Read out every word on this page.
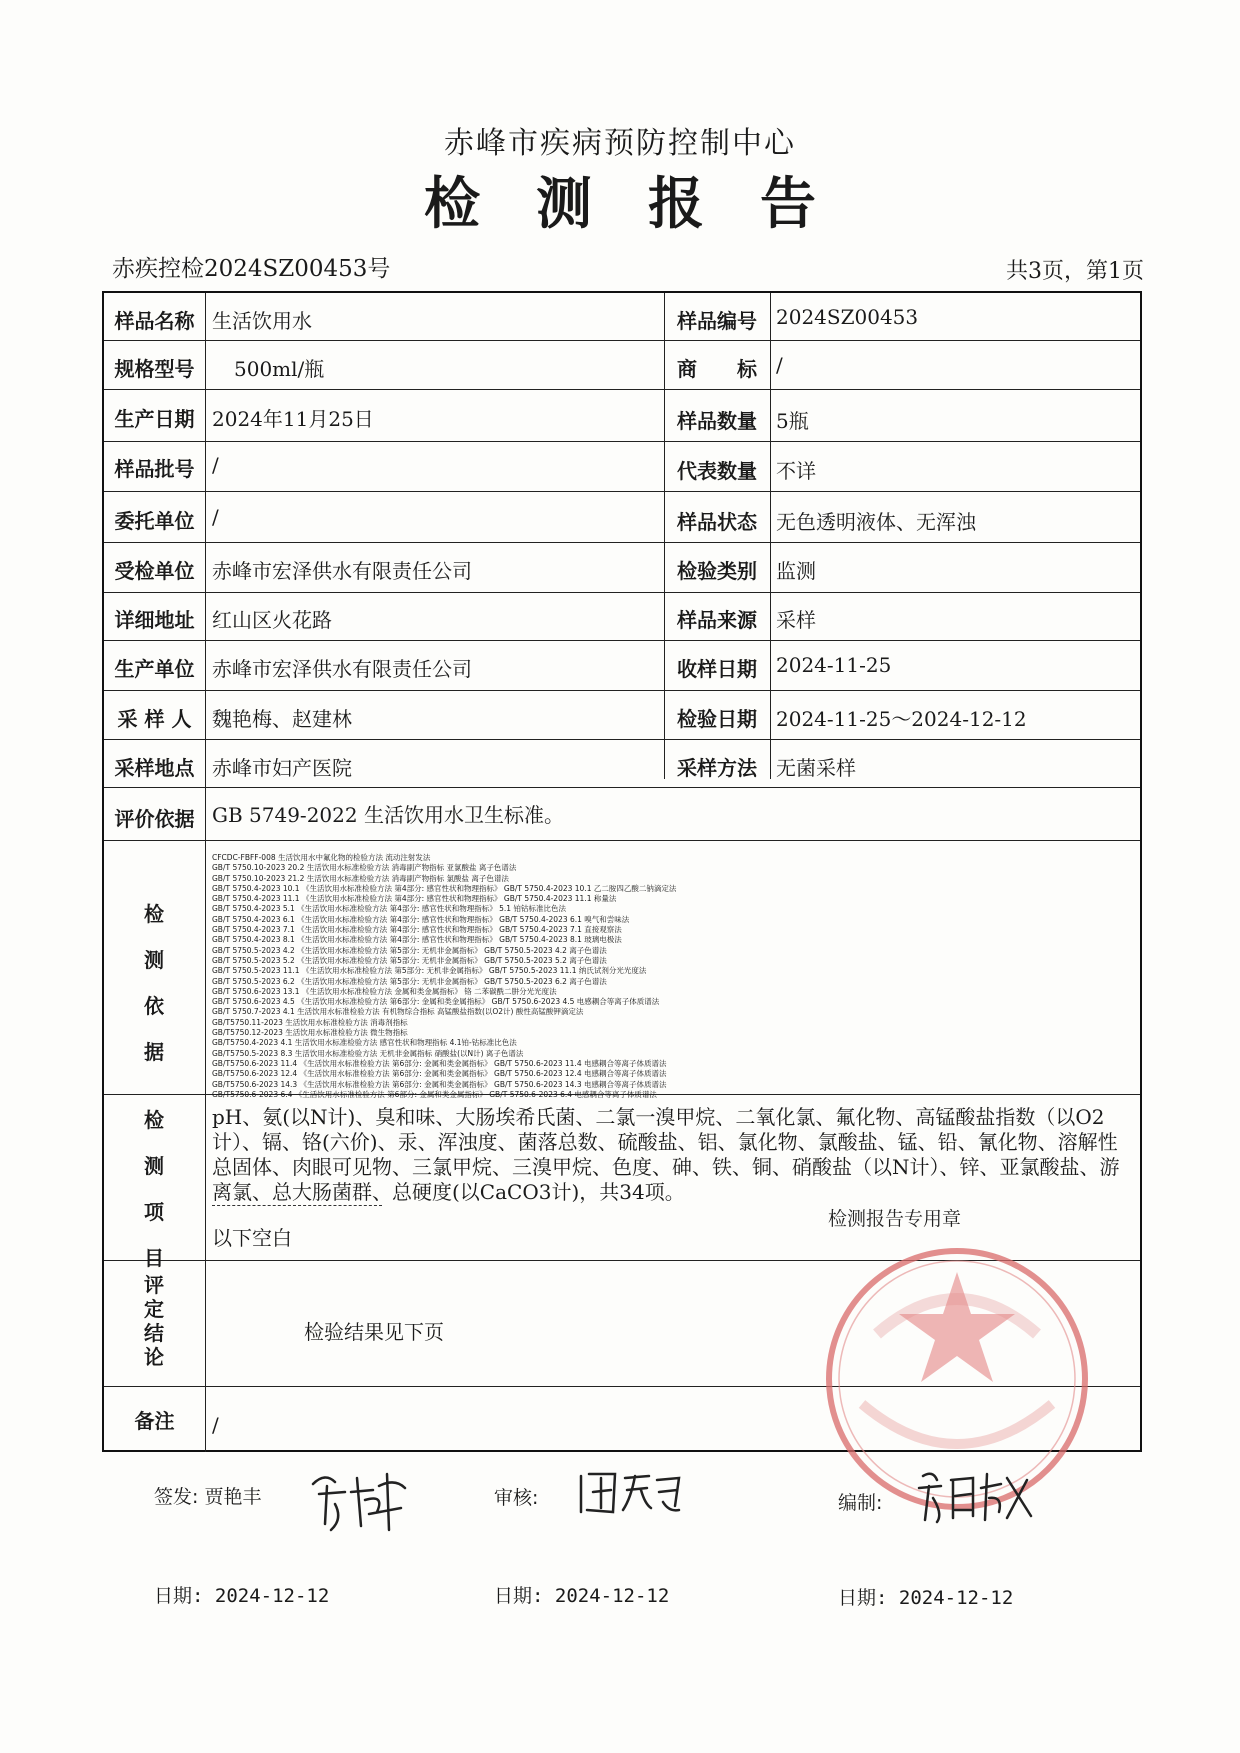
赤峰市疾病预防控制中心
检测报告
赤疾控检2024SZ00453号	共3页，第1页
样品名称 生活饮用水	样品编号 2024SZ00453
规格型号	500ml/瓶	商　　标 /
生产日期 2024年11月25日	样品数量 5瓶
样品批号 /	代表数量 不详
委托单位 /	样品状态 无色透明液体、无浑浊
受检单位 赤峰市宏泽供水有限责任公司	检验类别 监测
详细地址 红山区火花路	样品来源 采样
生产单位 赤峰市宏泽供水有限责任公司	收样日期 2024-11-25
采 样 人	魏艳梅、赵建林	检验日期 2024-11-25～2024-12-12
采样地点 赤峰市妇产医院	采样方法 无菌采样
评价依据 GB 5749-2022 生活饮用水卫生标准。
检
测
依
据
CFCDC-FBFF-008 生活饮用水中氟化物的检验方法 流动注射发法
GB/T 5750.10-2023 20.2 生活饮用水标准检验方法 消毒副产物指标 亚氯酸盐 离子色谱法
GB/T 5750.10-2023 21.2 生活饮用水标准检验方法 消毒副产物指标 氯酸盐 离子色谱法
GB/T 5750.4-2023 10.1 《生活饮用水标准检验方法 第4部分: 感官性状和物理指标》 GB/T 5750.4-2023 10.1 乙二胺四乙酸二钠滴定法
GB/T 5750.4-2023 11.1 《生活饮用水标准检验方法 第4部分: 感官性状和物理指标》 GB/T 5750.4-2023 11.1 称量法
GB/T 5750.4-2023 5.1 《生活饮用水标准检验方法 第4部分: 感官性状和物理指标》 5.1 铂钴标准比色法
GB/T 5750.4-2023 6.1 《生活饮用水标准检验方法 第4部分: 感官性状和物理指标》 GB/T 5750.4-2023 6.1 嗅气和尝味法
GB/T 5750.4-2023 7.1 《生活饮用水标准检验方法 第4部分: 感官性状和物理指标》 GB/T 5750.4-2023 7.1 直接观察法
GB/T 5750.4-2023 8.1 《生活饮用水标准检验方法 第4部分: 感官性状和物理指标》 GB/T 5750.4-2023 8.1 玻璃电极法
GB/T 5750.5-2023 4.2 《生活饮用水标准检验方法 第5部分: 无机非金属指标》 GB/T 5750.5-2023 4.2 离子色谱法
GB/T 5750.5-2023 5.2 《生活饮用水标准检验方法 第5部分: 无机非金属指标》 GB/T 5750.5-2023 5.2 离子色谱法
GB/T 5750.5-2023 11.1 《生活饮用水标准检验方法 第5部分: 无机非金属指标》 GB/T 5750.5-2023 11.1 纳氏试剂分光光度法
GB/T 5750.5-2023 6.2 《生活饮用水标准检验方法 第5部分: 无机非金属指标》 GB/T 5750.5-2023 6.2 离子色谱法
GB/T 5750.6-2023 13.1 《生活饮用水标准检验方法 金属和类金属指标》 铬 二苯碳酰二肼分光光度法
GB/T 5750.6-2023 4.5 《生活饮用水标准检验方法 第6部分: 金属和类金属指标》 GB/T 5750.6-2023 4.5 电感耦合等离子体质谱法
GB/T 5750.7-2023 4.1 生活饮用水标准检验方法 有机物综合指标 高锰酸盐指数(以O2计) 酸性高锰酸钾滴定法
GB/T5750.11-2023 生活饮用水标准检验方法 消毒剂指标
GB/T5750.12-2023 生活饮用水标准检验方法 微生物指标
GB/T5750.4-2023 4.1 生活饮用水标准检验方法 感官性状和物理指标 4.1铂-钴标准比色法
GB/T5750.5-2023 8.3 生活饮用水标准检验方法 无机非金属指标 硝酸盐(以N计) 离子色谱法
GB/T5750.6-2023 11.4 《生活饮用水标准检验方法 第6部分: 金属和类金属指标》 GB/T 5750.6-2023 11.4 电感耦合等离子体质谱法
GB/T5750.6-2023 12.4 《生活饮用水标准检验方法 第6部分: 金属和类金属指标》 GB/T 5750.6-2023 12.4 电感耦合等离子体质谱法
GB/T5750.6-2023 14.3 《生活饮用水标准检验方法 第6部分: 金属和类金属指标》 GB/T 5750.6-2023 14.3 电感耦合等离子体质谱法
GB/T5750.6-2023 6.4 《生活饮用水标准检验方法 第6部分: 金属和类金属指标》 GB/T 5750.6-2023 6.4 电感耦合等离子体质谱法
检
测
项
目
pH、氨(以N计)、臭和味、大肠埃希氏菌、二氯一溴甲烷、二氧化氯、氟化物、高锰酸盐指数（以O2计）、镉、铬(六价)、汞、浑浊度、菌落总数、硫酸盐、铝、氯化物、氯酸盐、锰、铅、氰化物、溶解性总固体、肉眼可见物、三氯甲烷、三溴甲烷、色度、砷、铁、铜、硝酸盐（以N计）、锌、亚氯酸盐、游离氯、总大肠菌群、总硬度(以CaCO3计)，共34项。
以下空白
评
定
结
论
检验结果见下页
备注	/
检测报告专用章
签发: 贾艳丰	审核:	编制:
日期: 2024-12-12	日期: 2024-12-12	日期: 2024-12-12
